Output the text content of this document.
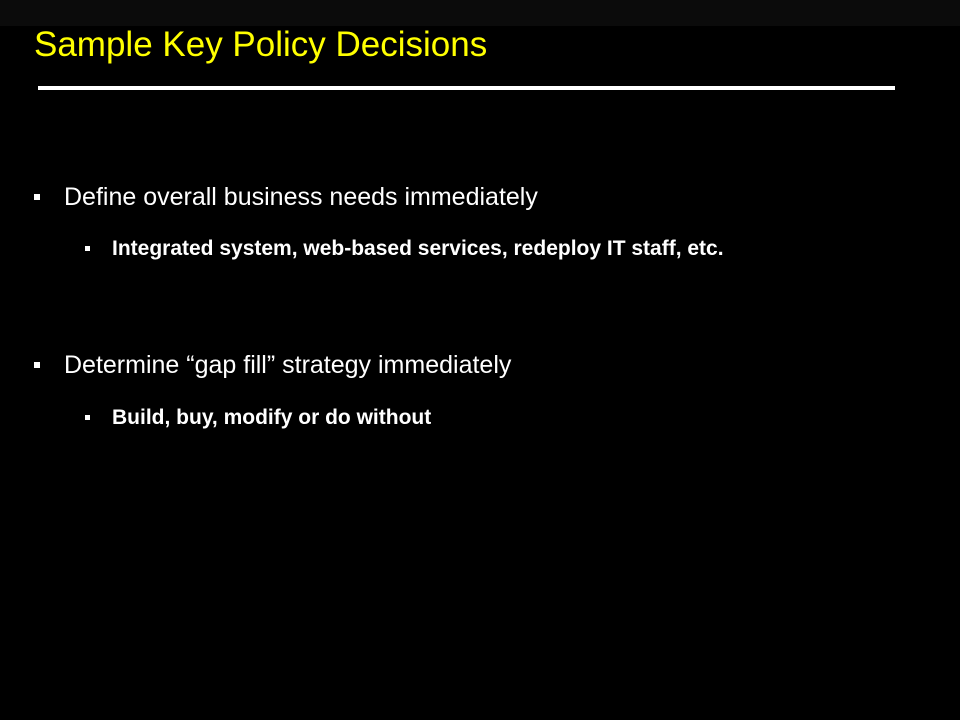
Sample Key Policy Decisions
Define overall business needs immediately
Integrated system, web-based services, redeploy IT staff, etc.
Determine “gap fill” strategy immediately
Build, buy, modify or do without
